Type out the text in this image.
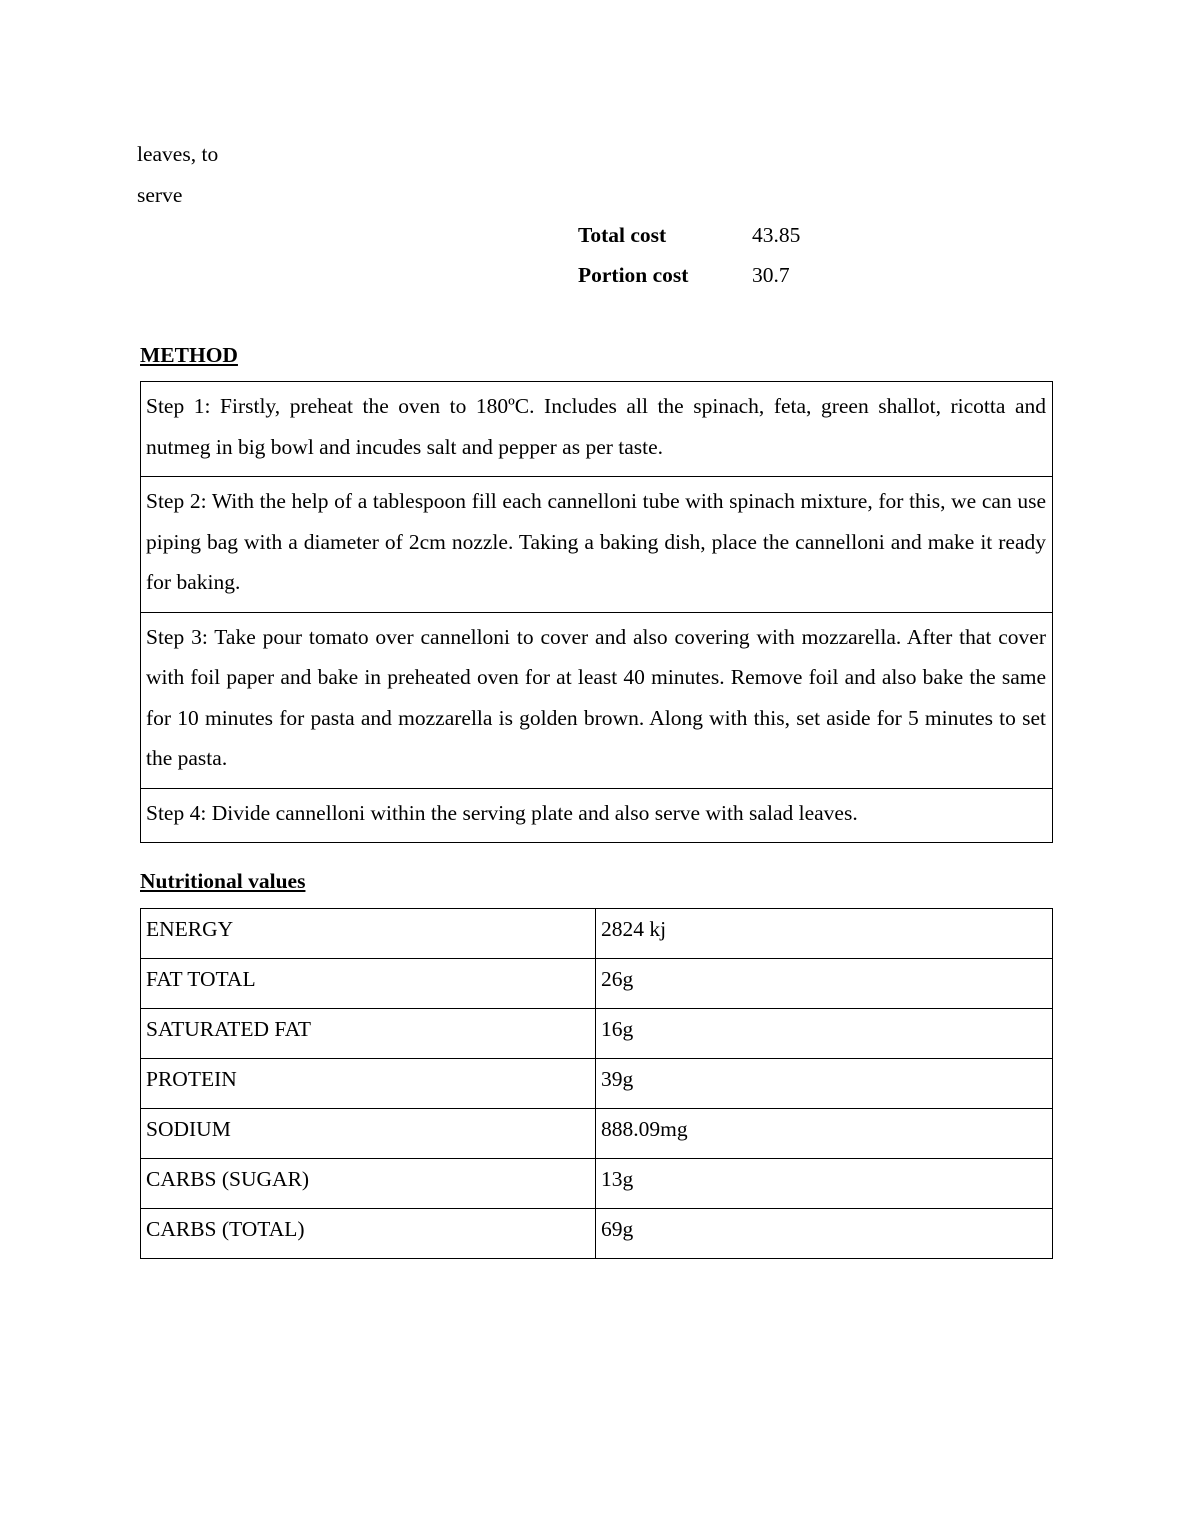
leaves, to
serve
Total cost	43.85
Portion cost	30.7
METHOD
Step 1: Firstly, preheat the oven to 180ºC. Includes all the spinach, feta, green shallot, ricotta and nutmeg in big bowl and incudes salt and pepper as per taste.
Step 2: With the help of a tablespoon fill each cannelloni tube with spinach mixture, for this, we can use piping bag with a diameter of 2cm nozzle. Taking a baking dish, place the cannelloni and make it ready for baking.
Step 3: Take pour tomato over cannelloni to cover and also covering with mozzarella. After that cover with foil paper and bake in preheated oven for at least 40 minutes. Remove foil and also bake the same for 10 minutes for pasta and mozzarella is golden brown. Along with this, set aside for 5 minutes to set the pasta.
Step 4: Divide cannelloni within the serving plate and also serve with salad leaves.
Nutritional values
ENERGY	2824 kj
FAT TOTAL	26g
SATURATED FAT	16g
PROTEIN	39g
SODIUM	888.09mg
CARBS (SUGAR)	13g
CARBS (TOTAL)	69g
